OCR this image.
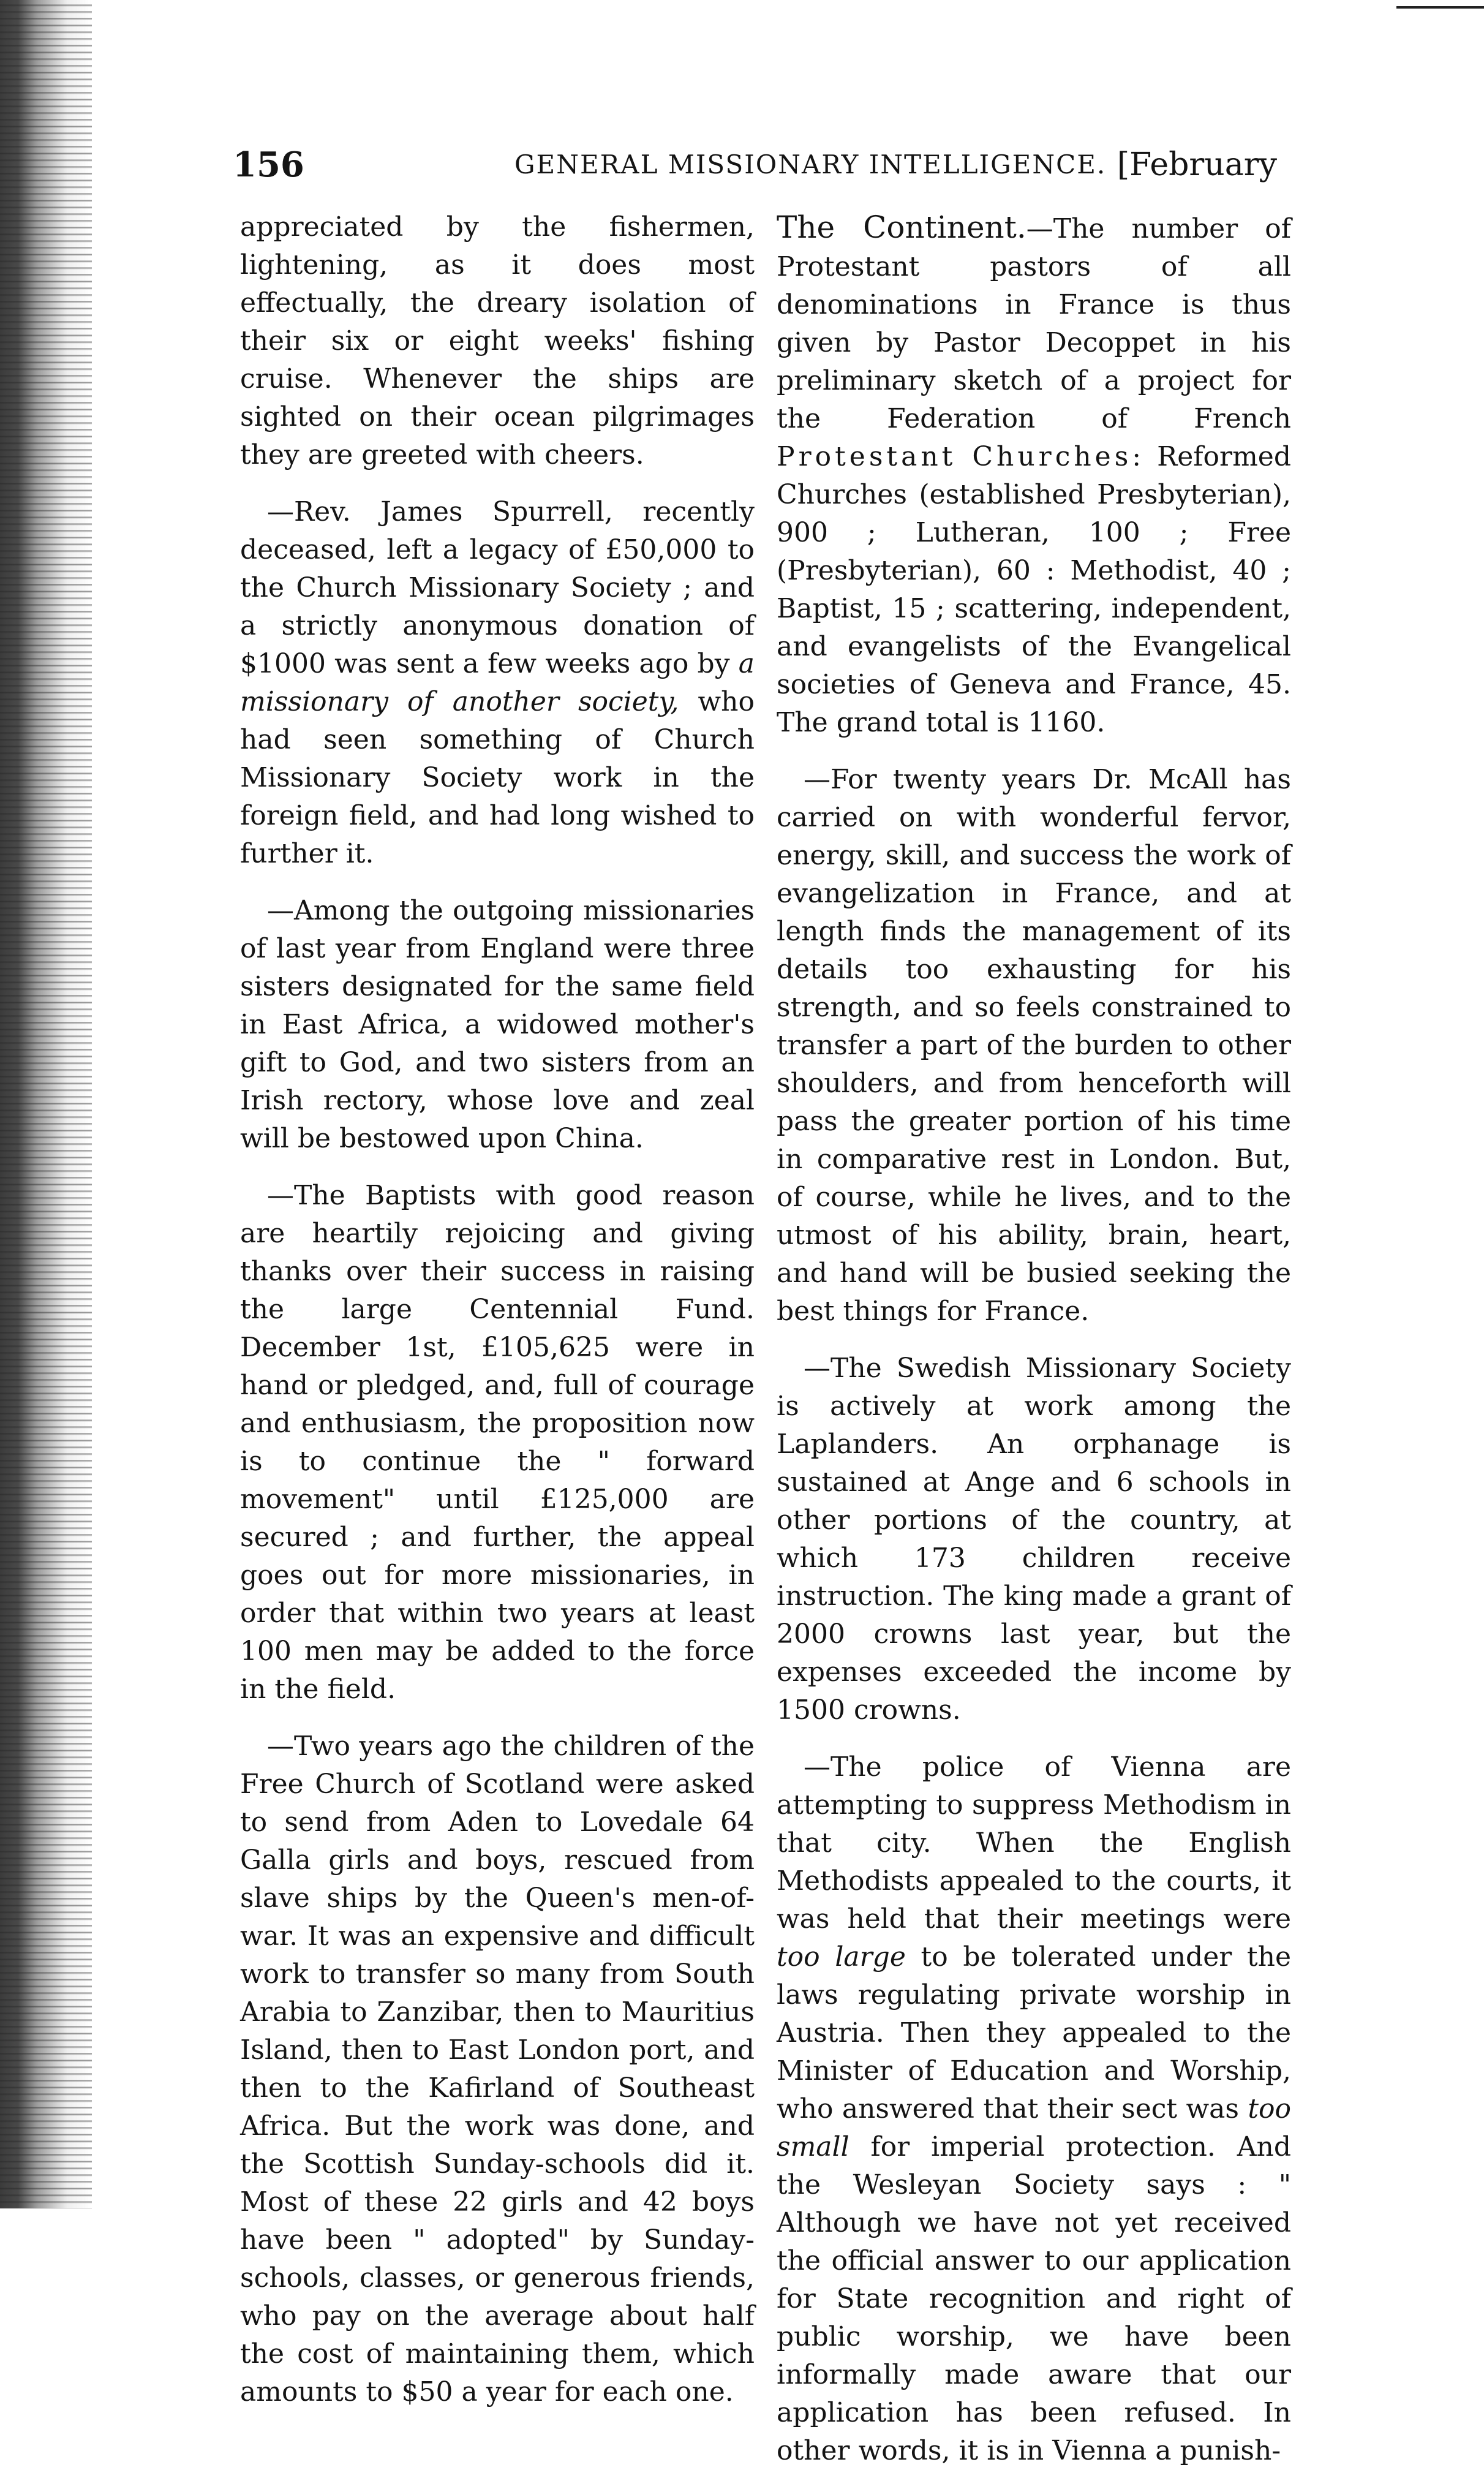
156	GENERAL MISSIONARY INTELLIGENCE. [February

appreciated by the fishermen, lightening, as it does most effectually, the dreary isolation of their six or eight weeks' fishing cruise. Whenever the ships are sighted on their ocean pilgrimages they are greeted with cheers.

—Rev. James Spurrell, recently deceased, left a legacy of £50,000 to the Church Missionary Society ; and a strictly anonymous donation of $1000 was sent a few weeks ago by a missionary of another society, who had seen something of Church Missionary Society work in the foreign field, and had long wished to further it.

—Among the outgoing missionaries of last year from England were three sisters designated for the same field in East Africa, a widowed mother's gift to God, and two sisters from an Irish rectory, whose love and zeal will be bestowed upon China.

—The Baptists with good reason are heartily rejoicing and giving thanks over their success in raising the large Centennial Fund. December 1st, £105,625 were in hand or pledged, and, full of courage and enthusiasm, the proposition now is to continue the " forward movement" until £125,000 are secured ; and further, the appeal goes out for more missionaries, in order that within two years at least 100 men may be added to the force in the field.

—Two years ago the children of the Free Church of Scotland were asked to send from Aden to Lovedale 64 Galla girls and boys, rescued from slave ships by the Queen's men-of-war. It was an expensive and difficult work to transfer so many from South Arabia to Zanzibar, then to Mauritius Island, then to East London port, and then to the Kafirland of Southeast Africa. But the work was done, and the Scottish Sunday-schools did it. Most of these 22 girls and 42 boys have been " adopted" by Sunday-schools, classes, or generous friends, who pay on the average about half the cost of maintaining them, which amounts to $50 a year for each one.

The Continent.—The number of Protestant pastors of all denominations in France is thus given by Pastor Decoppet in his preliminary sketch of a project for the Federation of French Protestant Churches: Reformed Churches (established Presbyterian), 900 ; Lutheran, 100 ; Free (Presbyterian), 60 : Methodist, 40 ; Baptist, 15 ; scattering, independent, and evangelists of the Evangelical societies of Geneva and France, 45. The grand total is 1160.

—For twenty years Dr. McAll has carried on with wonderful fervor, energy, skill, and success the work of evangelization in France, and at length finds the management of its details too exhausting for his strength, and so feels constrained to transfer a part of the burden to other shoulders, and from henceforth will pass the greater portion of his time in comparative rest in London. But, of course, while he lives, and to the utmost of his ability, brain, heart, and hand will be busied seeking the best things for France.

—The Swedish Missionary Society is actively at work among the Laplanders. An orphanage is sustained at Ange and 6 schools in other portions of the country, at which 173 children receive instruction. The king made a grant of 2000 crowns last year, but the expenses exceeded the income by 1500 crowns.

—The police of Vienna are attempting to suppress Methodism in that city. When the English Methodists appealed to the courts, it was held that their meetings were too large to be tolerated under the laws regulating private worship in Austria. Then they appealed to the Minister of Education and Worship, who answered that their sect was too small for imperial protection. And the Wesleyan Society says : " Although we have not yet received the official answer to our application for State recognition and right of public worship, we have been informally made aware that our application has been refused. In other words, it is in Vienna a punish-
